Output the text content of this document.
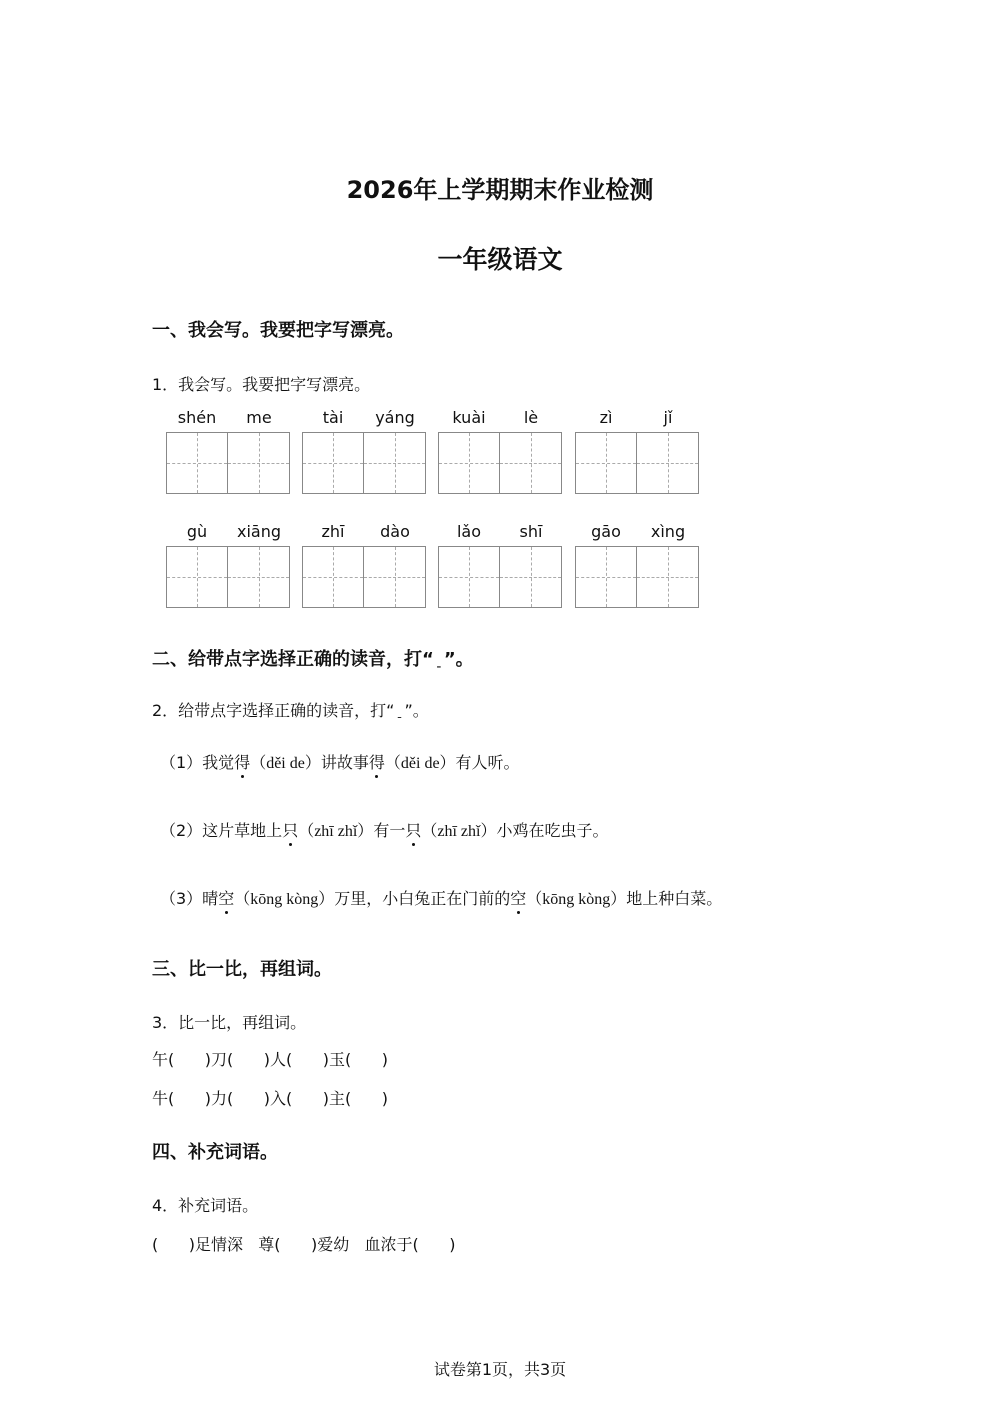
2026年上学期期末作业检测
一年级语文
一、我会写。我要把字写漂亮。
1．我会写。我要把字写漂亮。
shén	me	tài	yáng	kuài	lè	zì	jǐ
gù	xiāng	zhī	dào	lǎo	shī	gāo	xìng
二、给带点字选择正确的读音，打“ ˍ ”。
2．给带点字选择正确的读音，打“ ˍ ”。
（1）我觉得（děi de）讲故事得（děi de）有人听。
（2）这片草地上只（zhī zhǐ）有一只（zhī zhǐ）小鸡在吃虫子。
（3）晴空（kōng kòng）万里，小白兔正在门前的空（kōng kòng）地上种白菜。
三、比一比，再组词。
3．比一比，再组词。
午(      )刀(      )人(      )玉(      )
牛(      )力(      )入(      )主(      )
四、补充词语。
4．补充词语。
(      )足情深   尊(      )爱幼   血浓于(      )
试卷第1页，共3页
